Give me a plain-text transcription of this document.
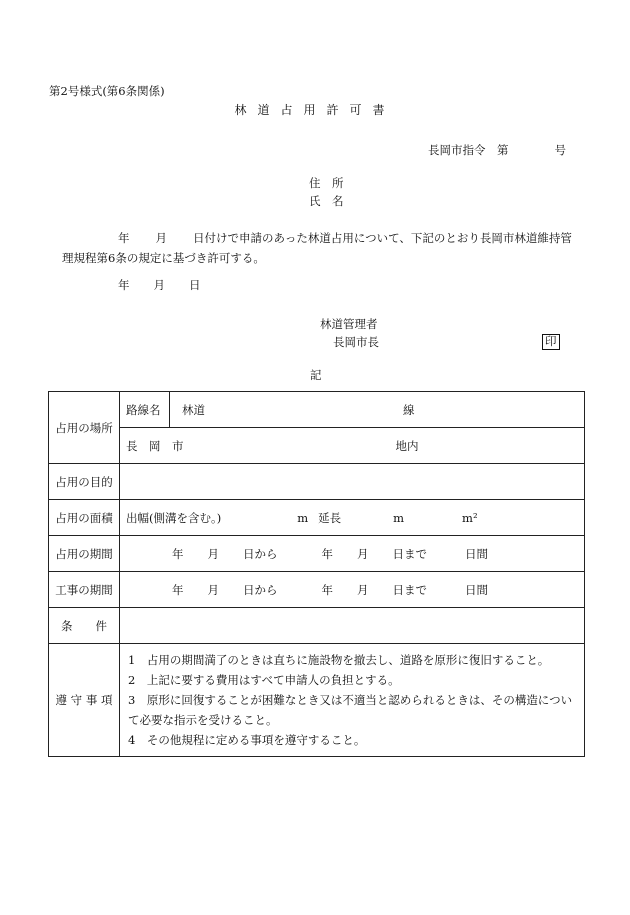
第2号様式(第6条関係)
林道占用許可書
長岡市指令　第	号
住　所
氏　名
年 月 日付けで申請のあった林道占用について、下記のとおり長岡市林道維持管理規程第6条の規定に基づき許可する。
年 月 日
林道管理者
長岡市長	印
記
占用の場所	路線名	林道 線
	長　岡　市 地内	
占用の目的		
占用の面積	出幅(側溝を含む。) m 延長 m m²	
占用の期間	年 月 日から 年 月 日まで 日間	
工事の期間	年 月 日から 年 月 日まで 日間	
条　　件		
遵 守 事 項	1　占用の期間満了のときは直ちに施設物を撤去し、道路を原形に復旧すること。
2　上記に要する費用はすべて申請人の負担とする。
3　原形に回復することが困難なとき又は不適当と認められるときは、その構造について必要な指示を受けること。
4　その他規程に定める事項を遵守すること。	
